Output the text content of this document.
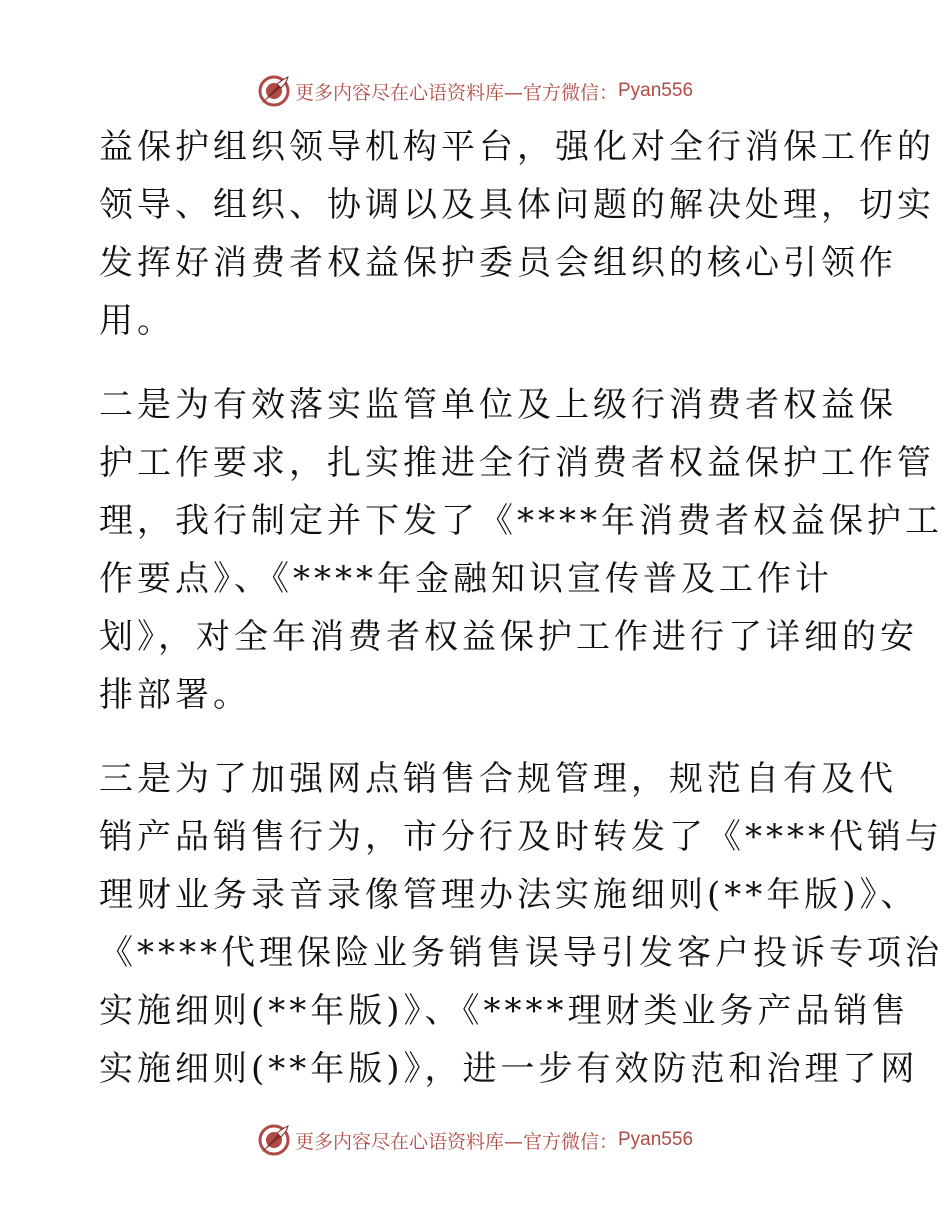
更多内容尽在心语资料库—官方微信： Pyan556
益保护组织领导机构平台，强化对全行消保工作的
领导、组织、协调以及具体问题的解决处理，切实
发挥好消费者权益保护委员会组织的核心引领作
用。
二是为有效落实监管单位及上级行消费者权益保
护工作要求，扎实推进全行消费者权益保护工作管
理，我行制定并下发了《****年消费者权益保护工
作要点》、《****年金融知识宣传普及工作计
划》，对全年消费者权益保护工作进行了详细的安
排部署。
三是为了加强网点销售合规管理，规范自有及代
销产品销售行为，市分行及时转发了《****代销与
理财业务录音录像管理办法实施细则(**年版)》、
《****代理保险业务销售误导引发客户投诉专项治
实施细则(**年版)》、《****理财类业务产品销售
实施细则(**年版)》，进一步有效防范和治理了网
更多内容尽在心语资料库—官方微信： Pyan556
